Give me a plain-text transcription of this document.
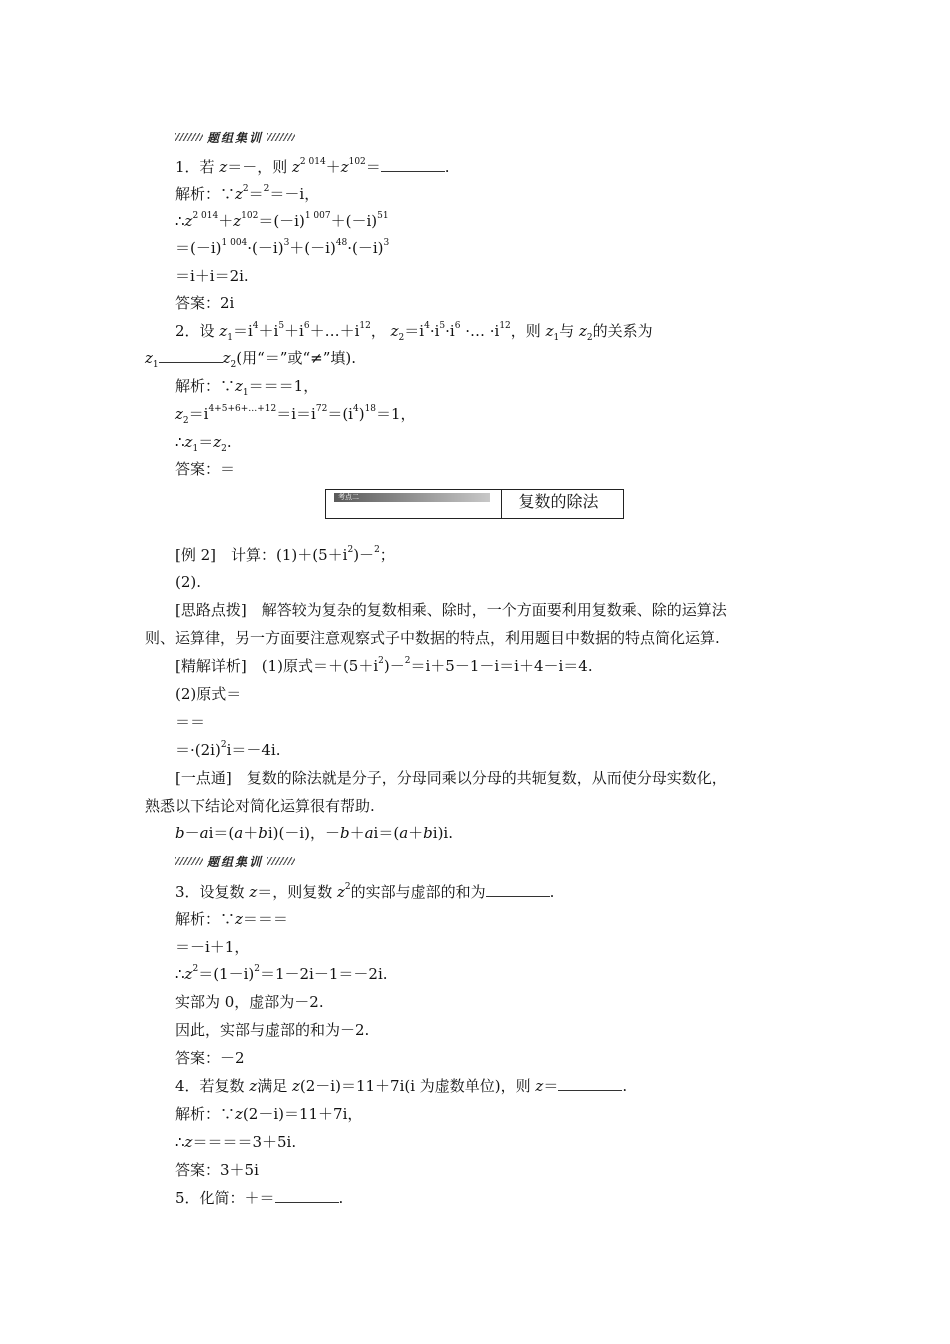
题组集训
1．若 z＝－，则 $z^{2 014}+z^{102}=$	.
解析：$\because z^2=^2=-i$，
$\therefore z^{2 014}+z^{102}=(-i)^{1 007}+(-i)^{51}$
$=(-i)^{1 004}\cdot(-i)^3+(-i)^{48}\cdot(-i)^3$
＝i＋i＝2i.
答案：2i
2．设 $z_1=i^4+i^5+i^6+\dots+i^{12}$， $z_2=i^4\cdot i^5\cdot i^6$ ·… $\cdot i^{12}$，则 $z_1$与 $z_2$的关系为
$z_1$	$z_2$(用“＝”或“≠”填).
解析：$\because z_1===1$，
$z_2=i^{4+5+6+\dots+12}=i=i^{72}=(i^4)^{18}=1$，
$\therefore z_1=z_2$.
答案：＝
考点二	复数的除法
[例 2]　计算：$(1)+(5+i^2)-^2$；
(2).
[思路点拨]　解答较为复杂的复数相乘、除时，一个方面要利用复数乘、除的运算法
则、运算律，另一方面要注意观察式子中数据的特点，利用题目中数据的特点简化运算.
[精解详析]　(1)原式$=+(5+i^2)-^2=i+5-1-i=i+4-i=4$.
(2)原式＝
＝＝
$=\cdot(2i)^2i=-4i$.
[一点通]　复数的除法就是分子，分母同乘以分母的共轭复数，从而使分母实数化，
熟悉以下结论对简化运算很有帮助.
b－ai＝(a＋bi)(－i)，－b＋ai＝(a＋bi)i.
题组集训
3．设复数 z＝，则复数 $z^2$的实部与虚部的和为	.
解析：∵z＝＝＝
＝－i＋1，
$\therefore z^2=(1-i)^2=1-2i-1=-2i$.
实部为 0，虚部为－2.
因此，实部与虚部的和为－2.
答案：－2
4．若复数 z满足 z(2－i)＝11＋7i(i 为虚数单位)，则 z＝	.
解析：∵z(2－i)＝11＋7i，
∴z＝＝＝＝3＋5i.
答案：3＋5i
5．化简：＋＝	.
